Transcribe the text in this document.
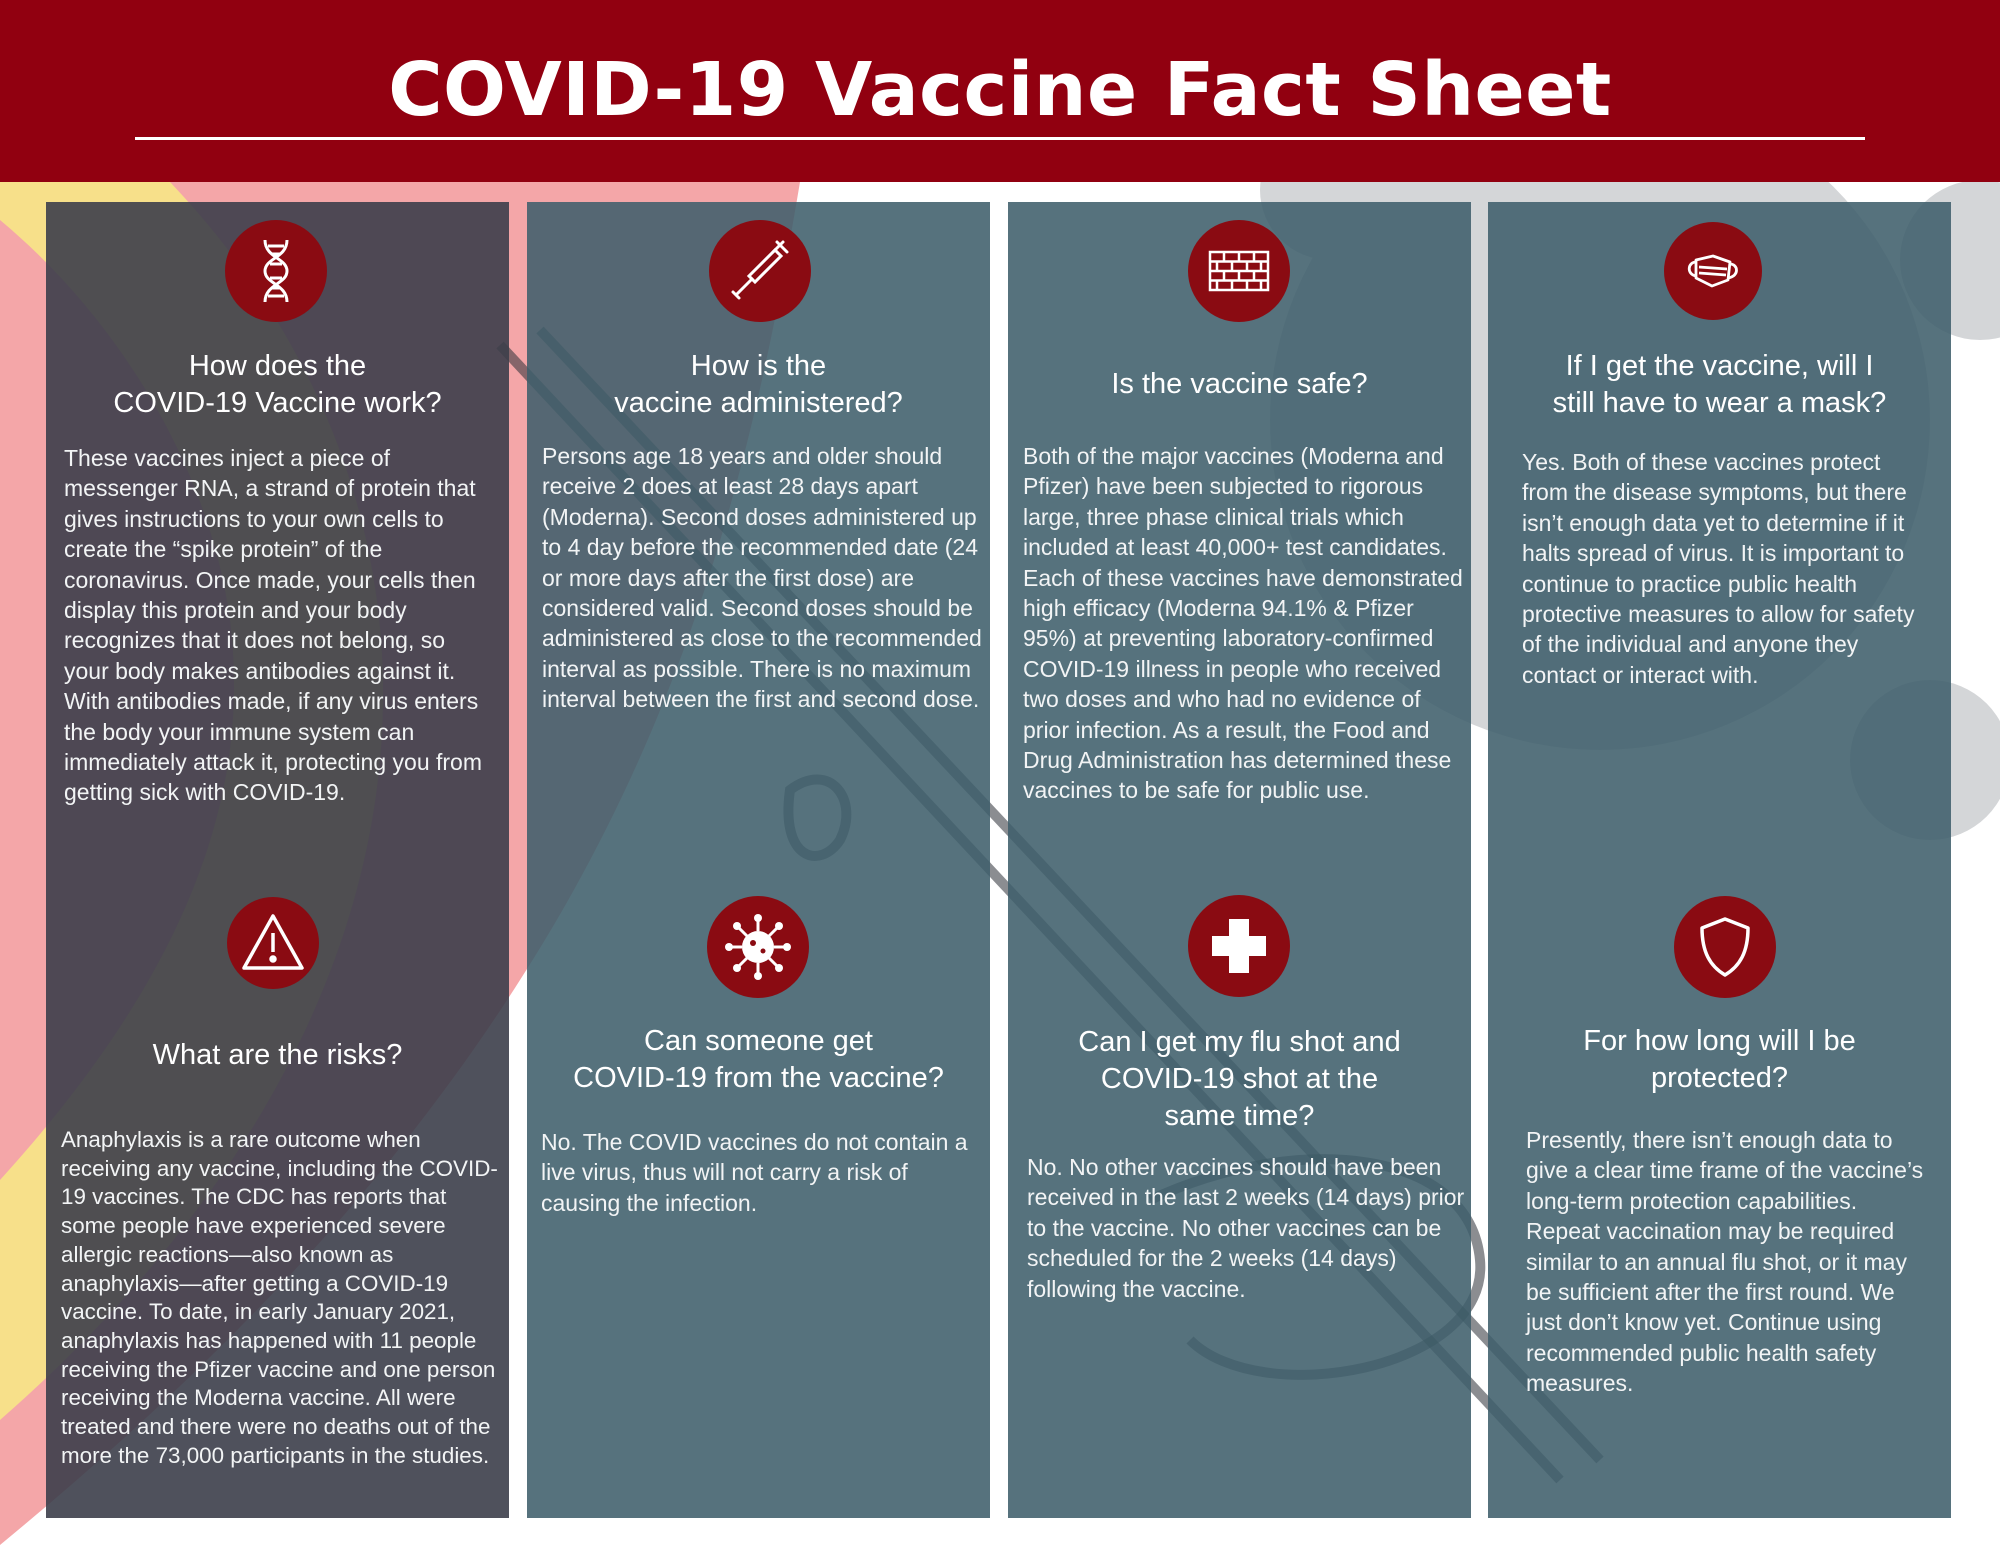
COVID-19 Vaccine Fact Sheet
How does the
COVID-19 Vaccine work?

These vaccines inject a piece of messenger RNA, a strand of protein that gives instructions to your own cells to create the “spike protein” of the coronavirus. Once made, your cells then display this protein and your body recognizes that it does not belong, so your body makes antibodies against it. With antibodies made, if any virus enters the body your immune system can immediately attack it, protecting you from getting sick with COVID-19.

What are the risks?

Anaphylaxis is a rare outcome when receiving any vaccine, including the COVID-19 vaccines. The CDC has reports that some people have experienced severe allergic reactions—also known as anaphylaxis—after getting a COVID-19 vaccine. To date, in early January 2021, anaphylaxis has happened with 11 people receiving the Pfizer vaccine and one person receiving the Moderna vaccine. All were treated and there were no deaths out of the more the 73,000 participants in the studies.

How is the
vaccine administered?

Persons age 18 years and older should receive 2 does at least 28 days apart (Moderna). Second doses administered up to 4 day before the recommended date (24 or more days after the first dose) are considered valid. Second doses should be administered as close to the recommended interval as possible. There is no maximum interval between the first and second dose.

Can someone get
COVID-19 from the vaccine?

No. The COVID vaccines do not contain a live virus, thus will not carry a risk of causing the infection.

Is the vaccine safe?

Both of the major vaccines (Moderna and Pfizer) have been subjected to rigorous large, three phase clinical trials which included at least 40,000+ test candidates. Each of these vaccines have demonstrated high efficacy (Moderna 94.1% & Pfizer 95%) at preventing laboratory-confirmed COVID-19 illness in people who received two doses and who had no evidence of prior infection. As a result, the Food and Drug Administration has determined these vaccines to be safe for public use.

Can I get my flu shot and
COVID-19 shot at the
same time?

No. No other vaccines should have been received in the last 2 weeks (14 days) prior to the vaccine. No other vaccines can be scheduled for the 2 weeks (14 days) following the vaccine.

If I get the vaccine, will I
still have to wear a mask?

Yes. Both of these vaccines protect from the disease symptoms, but there isn’t enough data yet to determine if it halts spread of virus. It is important to continue to practice public health protective measures to allow for safety of the individual and anyone they contact or interact with.

For how long will I be
protected?

Presently, there isn’t enough data to give a clear time frame of the vaccine’s long-term protection capabilities. Repeat vaccination may be required similar to an annual flu shot, or it may be sufficient after the first round. We just don’t know yet. Continue using recommended public health safety measures.
